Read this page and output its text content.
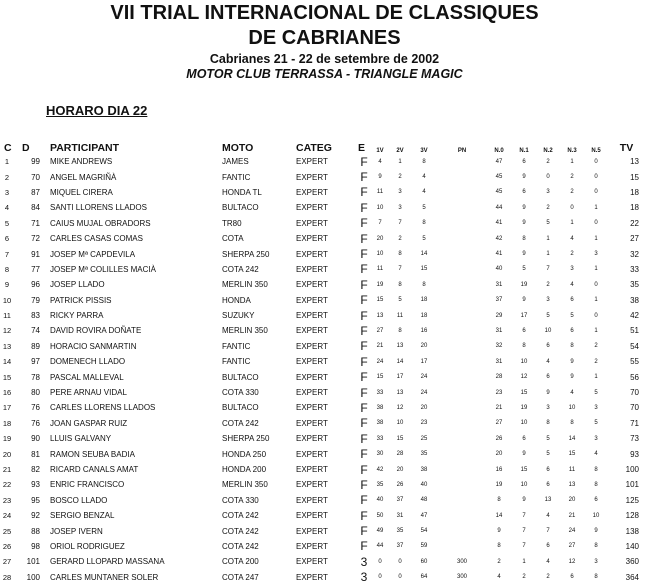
VII TRIAL INTERNACIONAL DE CLASSIQUES
DE CABRIANES
Cabrianes 21 - 22 de setembre de 2002
MOTOR CLUB TERRASSA - TRIANGLE MAGIC
HORARO DIA 22
C	D	PARTICIPANT	MOTO	CATEG	E	1V	2V	3V	PN	N.0	N.1	N.2	N.3	N.5	TV
1	99	MIKE ANDREWS	JAMES	EXPERT	F	4	1	8		47	6	2	1	0	13
2	70	ANGEL MAGRIÑÀ	FANTIC	EXPERT	F	9	2	4		45	9	0	2	0	15
3	87	MIQUEL CIRERA	HONDA TL	EXPERT	F	11	3	4		45	6	3	2	0	18
4	84	SANTI LLORENS LLADOS	BULTACO	EXPERT	F	10	3	5		44	9	2	0	1	18
5	71	CAIUS MUJAL OBRADORS	TR80	EXPERT	F	7	7	8		41	9	5	1	0	22
6	72	CARLES CASAS COMAS	COTA	EXPERT	F	20	2	5		42	8	1	4	1	27
7	91	JOSEP Mª CAPDEVILA	SHERPA 250	EXPERT	F	10	8	14		41	9	1	2	3	32
8	77	JOSEP Mª COLILLES MACIÀ	COTA 242	EXPERT	F	11	7	15		40	5	7	3	1	33
9	96	JOSEP LLADO	MERLIN 350	EXPERT	F	19	8	8		31	19	2	4	0	35
10	79	PATRICK PISSIS	HONDA	EXPERT	F	15	5	18		37	9	3	6	1	38
11	83	RICKY PARRA	SUZUKY	EXPERT	F	13	11	18		29	17	5	5	0	42
12	74	DAVID ROVIRA DOÑATE	MERLIN 350	EXPERT	F	27	8	16		31	6	10	6	1	51
13	89	HORACIO SANMARTIN	FANTIC	EXPERT	F	21	13	20		32	8	6	8	2	54
14	97	DOMENECH LLADO	FANTIC	EXPERT	F	24	14	17		31	10	4	9	2	55
15	78	PASCAL MALLEVAL	BULTACO	EXPERT	F	15	17	24		28	12	6	9	1	56
16	80	PERE ARNAU VIDAL	COTA 330	EXPERT	F	33	13	24		23	15	9	4	5	70
17	76	CARLES LLORENS LLADOS	BULTACO	EXPERT	F	38	12	20		21	19	3	10	3	70
18	76	JOAN GASPAR RUIZ	COTA 242	EXPERT	F	38	10	23		27	10	8	8	5	71
19	90	LLUIS GALVANY	SHERPA 250	EXPERT	F	33	15	25		26	6	5	14	3	73
20	81	RAMON SEUBA BADIA	HONDA 250	EXPERT	F	30	28	35		20	9	5	15	4	93
21	82	RICARD CANALS AMAT	HONDA 200	EXPERT	F	42	20	38		16	15	6	11	8	100
22	93	ENRIC FRANCISCO	MERLIN 350	EXPERT	F	35	26	40		19	10	6	13	8	101
23	95	BOSCO LLADO	COTA 330	EXPERT	F	40	37	48		8	9	13	20	6	125
24	92	SERGIO BENZAL	COTA 242	EXPERT	F	50	31	47		14	7	4	21	10	128
25	88	JOSEP IVERN	COTA 242	EXPERT	F	49	35	54		9	7	7	24	9	138
26	98	ORIOL RODRIGUEZ	COTA 242	EXPERT	F	44	37	59		8	7	6	27	8	140
27	101	GERARD LLOPARD MASSANA	COTA 200	EXPERT	3	0	0	60	300	2	1	4	12	3	360
28	100	CARLES MUNTANER SOLER	COTA 247	EXPERT	3	0	0	64	300	4	2	2	6	8	364
